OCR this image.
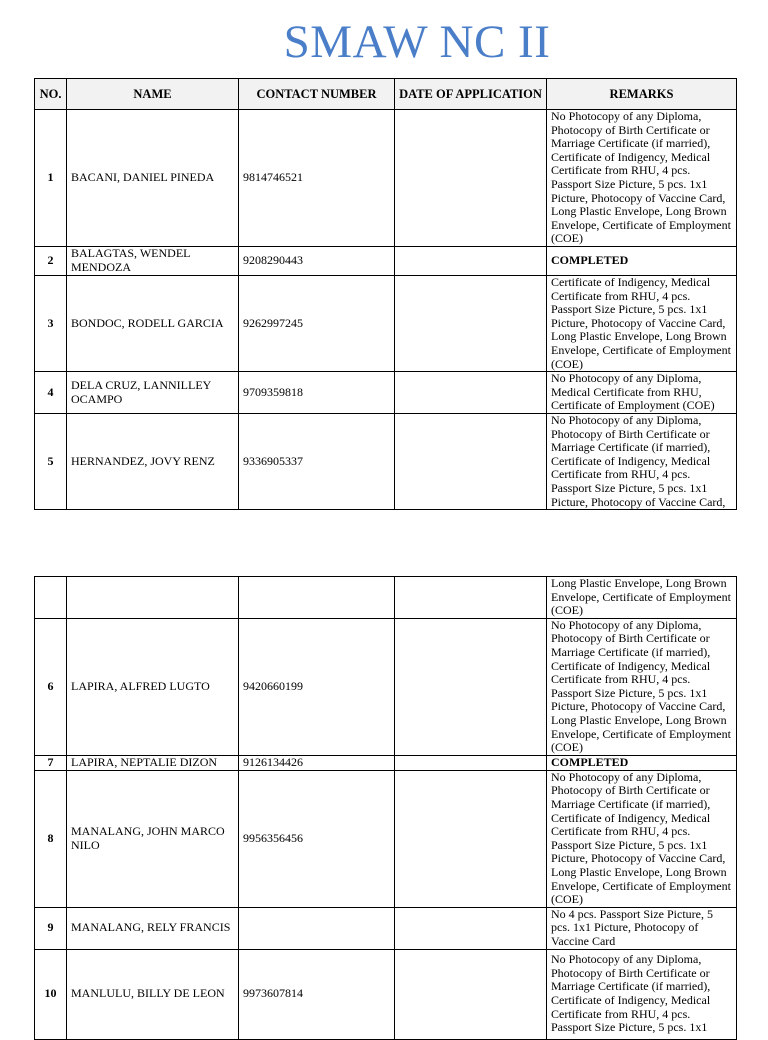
SMAW NC II
NO.	NAME	CONTACT NUMBER	DATE OF APPLICATION	REMARKS
1	BACANI, DANIEL PINEDA	9814746521		No Photocopy of any Diploma, Photocopy of Birth Certificate or Marriage Certificate (if married), Certificate of Indigency, Medical Certificate from RHU, 4 pcs. Passport Size Picture, 5 pcs. 1x1 Picture, Photocopy of Vaccine Card, Long Plastic Envelope, Long Brown Envelope, Certificate of Employment (COE)
2	BALAGTAS, WENDEL MENDOZA	9208290443		COMPLETED
3	BONDOC, RODELL GARCIA	9262997245		Certificate of Indigency, Medical Certificate from RHU, 4 pcs. Passport Size Picture, 5 pcs. 1x1 Picture, Photocopy of Vaccine Card, Long Plastic Envelope, Long Brown Envelope, Certificate of Employment (COE)
4	DELA CRUZ, LANNILLEY OCAMPO	9709359818		No Photocopy of any Diploma, Medical Certificate from RHU, Certificate of Employment (COE)
5	HERNANDEZ, JOVY RENZ	9336905337		No Photocopy of any Diploma, Photocopy of Birth Certificate or Marriage Certificate (if married), Certificate of Indigency, Medical Certificate from RHU, 4 pcs. Passport Size Picture, 5 pcs. 1x1 Picture, Photocopy of Vaccine Card,
				Long Plastic Envelope, Long Brown Envelope, Certificate of Employment (COE)
6	LAPIRA, ALFRED LUGTO	9420660199		No Photocopy of any Diploma, Photocopy of Birth Certificate or Marriage Certificate (if married), Certificate of Indigency, Medical Certificate from RHU, 4 pcs. Passport Size Picture, 5 pcs. 1x1 Picture, Photocopy of Vaccine Card, Long Plastic Envelope, Long Brown Envelope, Certificate of Employment (COE)
7	LAPIRA, NEPTALIE DIZON	9126134426		COMPLETED
8	MANALANG, JOHN MARCO NILO	9956356456		No Photocopy of any Diploma, Photocopy of Birth Certificate or Marriage Certificate (if married), Certificate of Indigency, Medical Certificate from RHU, 4 pcs. Passport Size Picture, 5 pcs. 1x1 Picture, Photocopy of Vaccine Card, Long Plastic Envelope, Long Brown Envelope, Certificate of Employment (COE)
9	MANALANG, RELY FRANCIS			No 4 pcs. Passport Size Picture, 5 pcs. 1x1 Picture, Photocopy of Vaccine Card
10	MANLULU, BILLY DE LEON	9973607814		No Photocopy of any Diploma, Photocopy of Birth Certificate or Marriage Certificate (if married), Certificate of Indigency, Medical Certificate from RHU, 4 pcs. Passport Size Picture, 5 pcs. 1x1
